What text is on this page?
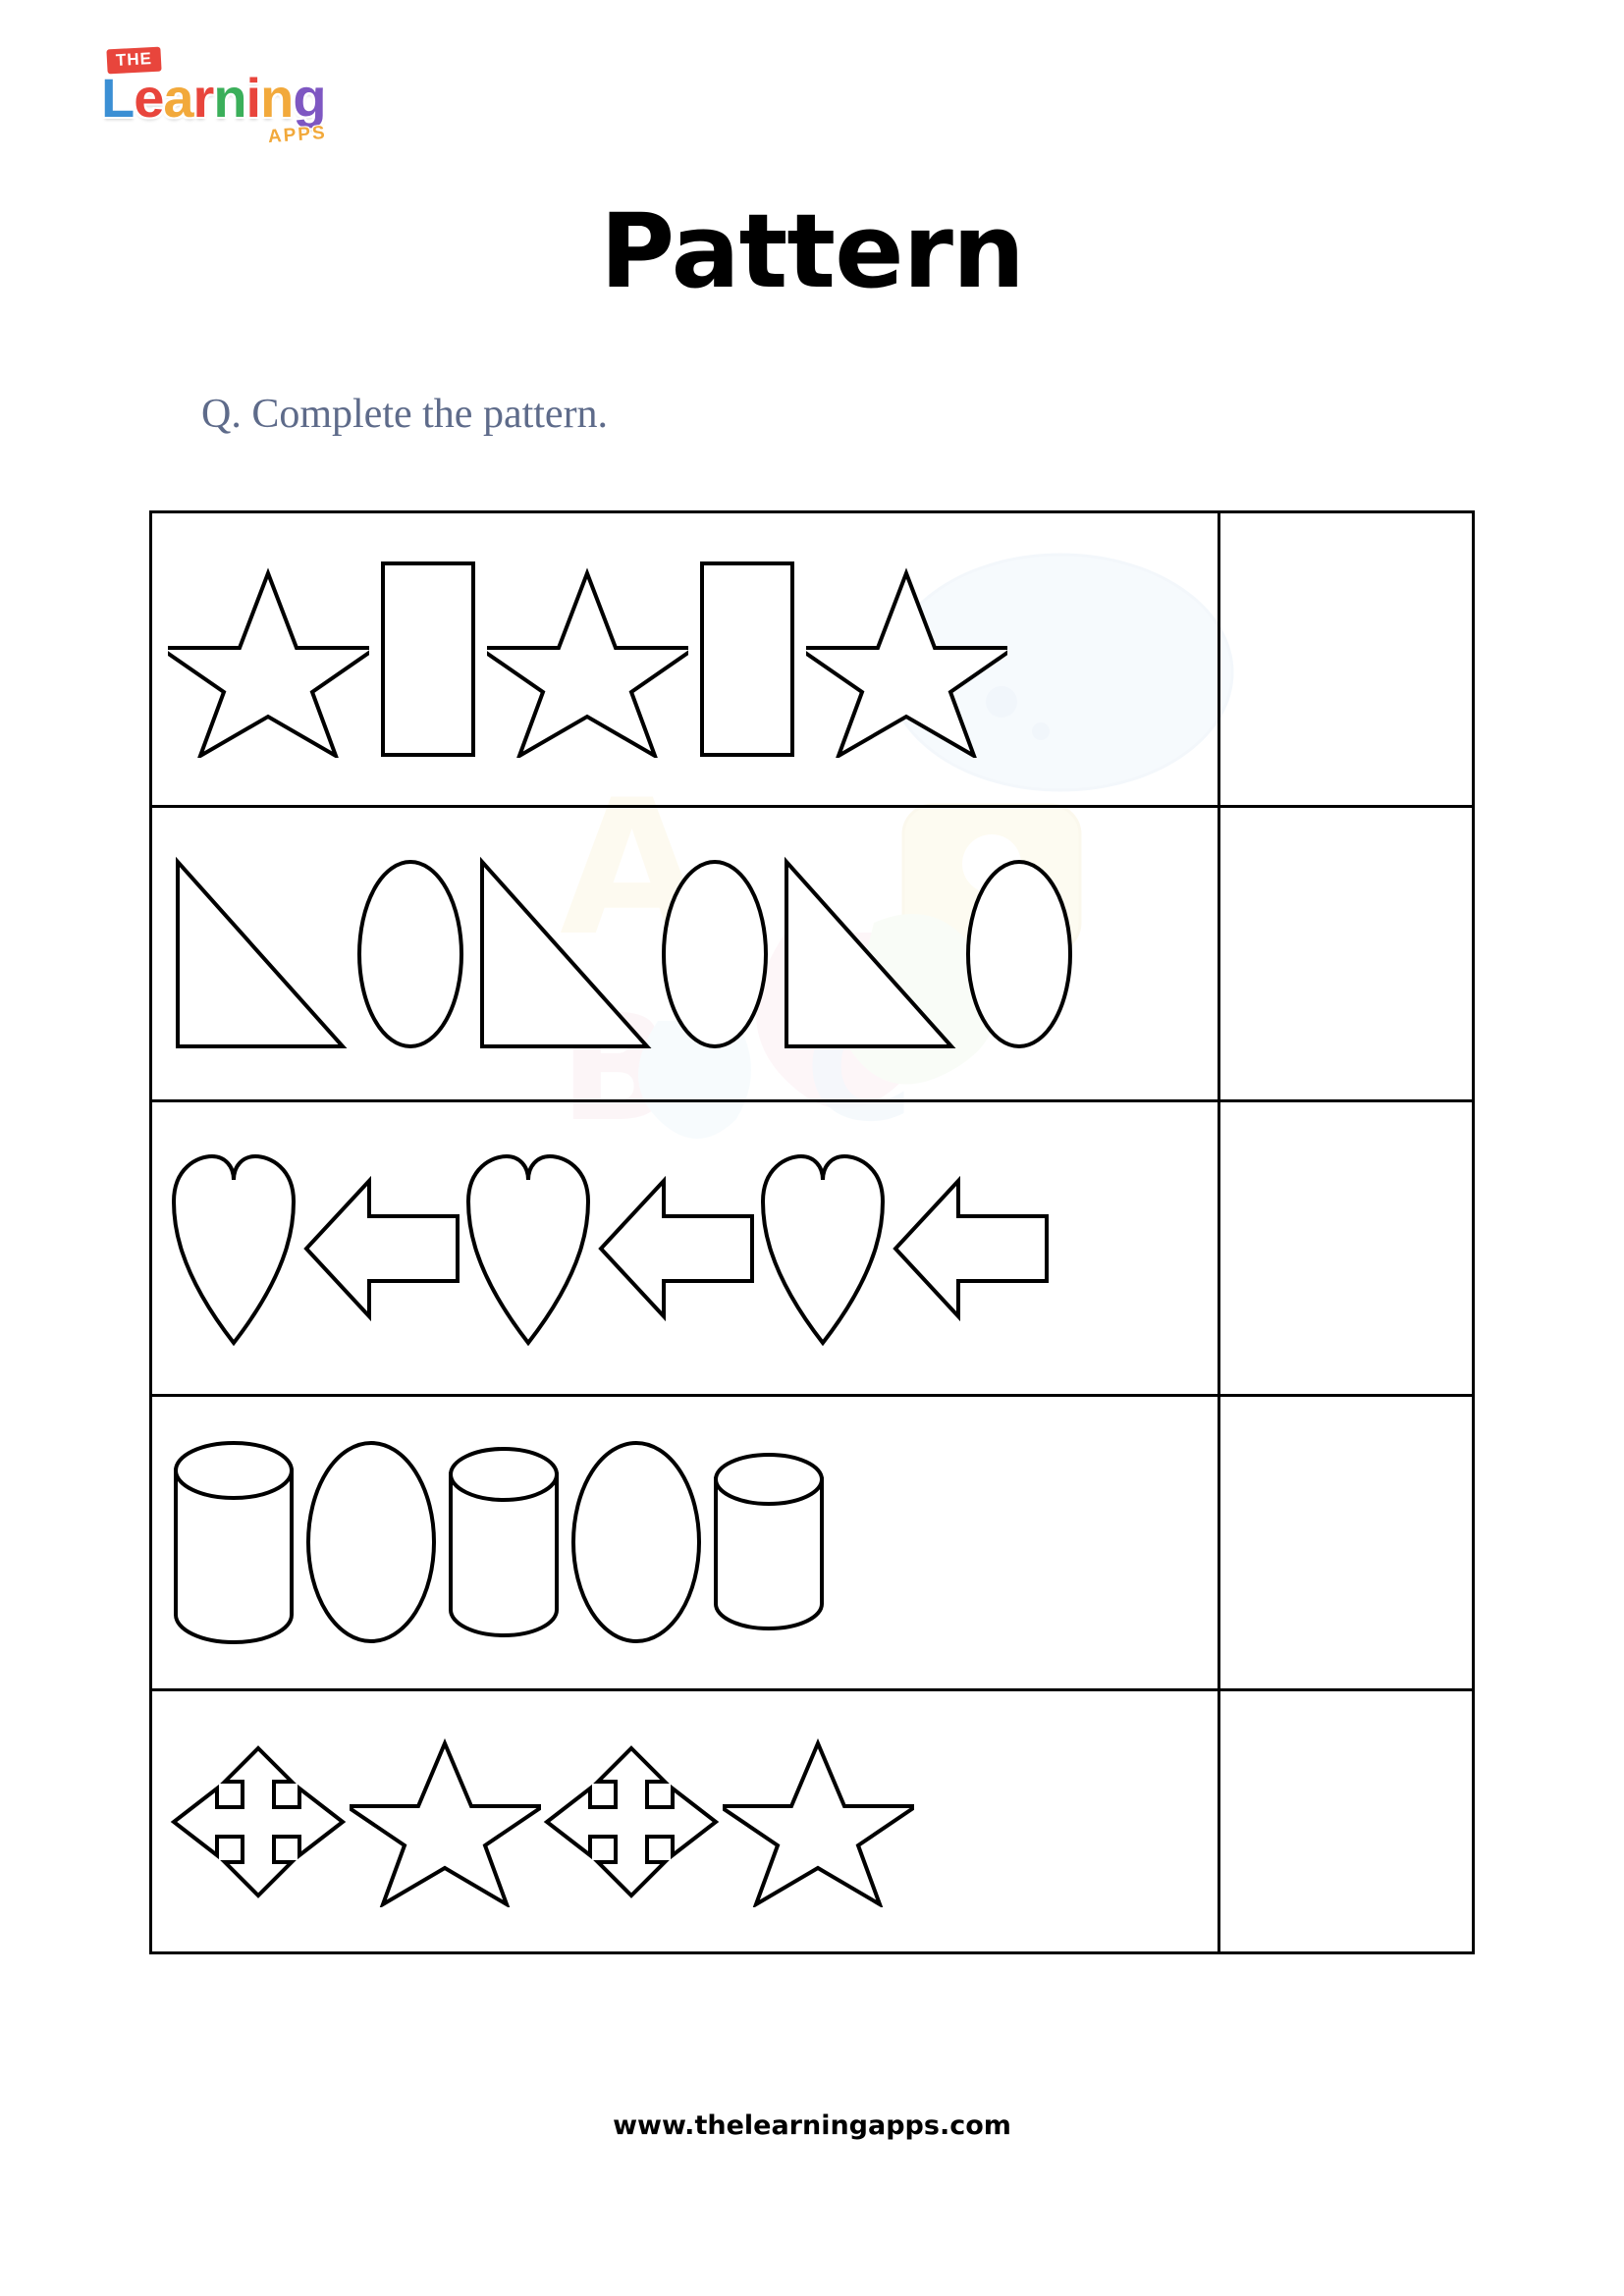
THE
Learning
APPS
Pattern
Q. Complete the pattern.
A
B C
www.thelearningapps.com
